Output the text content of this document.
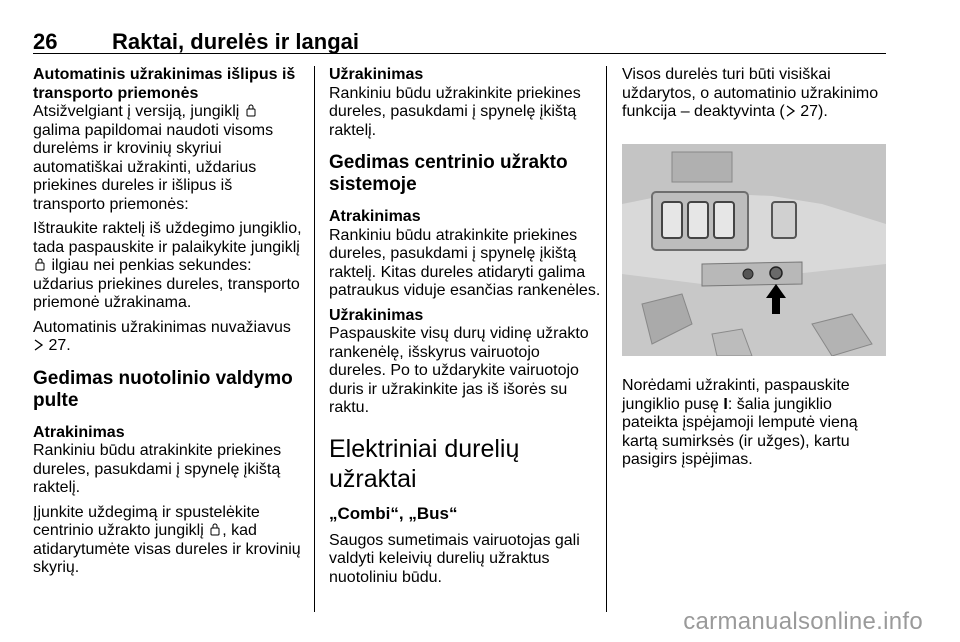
26 Raktai, durelės ir langai

Automatinis užrakinimas išlipus iš transporto priemonės

Atsižvelgiant į versiją, jungiklį  galima papildomai naudoti visoms durelėms ir krovinių skyriui automatiškai užrakinti, uždarius priekines dureles ir išlipus iš transporto priemonės:

Ištraukite raktelį iš uždegimo jungiklio, tada paspauskite ir palaikykite jungiklį  ilgiau nei penkias sekundes: uždarius priekines dureles, transporto priemonė užrakinama.

Automatinis užrakinimas nuvažiavus
27.

Gedimas nuotolinio valdymo pulte

Atrakinimas

Rankiniu būdu atrakinkite priekines dureles, pasukdami į spynelę įkištą raktelį.

Įjunkite uždegimą ir spustelėkite centrinio užrakto jungiklį , kad atidarytumėte visas dureles ir krovinių skyrių.

Užrakinimas

Rankiniu būdu užrakinkite priekines dureles, pasukdami į spynelę įkištą raktelį.

Gedimas centrinio užrakto sistemoje

Atrakinimas

Rankiniu būdu atrakinkite priekines dureles, pasukdami į spynelę įkištą raktelį. Kitas dureles atidaryti galima patraukus viduje esančias rankenėles.

Užrakinimas

Paspauskite visų durų vidinę užrakto rankenėlę, išskyrus vairuotojo dureles. Po to uždarykite vairuotojo duris ir užrakinkite jas iš išorės su raktu.

Elektriniai durelių užraktai
„Combi“, „Bus“

Saugos sumetimais vairuotojas gali valdyti keleivių durelių užraktus nuotoliniu būdu.

Visos durelės turi būti visiškai uždarytos, o automatinio užrakinimo funkcija – deaktyvinta ( 27).

Norėdami užrakinti, paspauskite jungiklio pusę I: šalia jungiklio pateikta įspėjamoji lemputė vieną kartą sumirksės (ir užges), kartu pasigirs įspėjimas.

carmanualsonline.info
